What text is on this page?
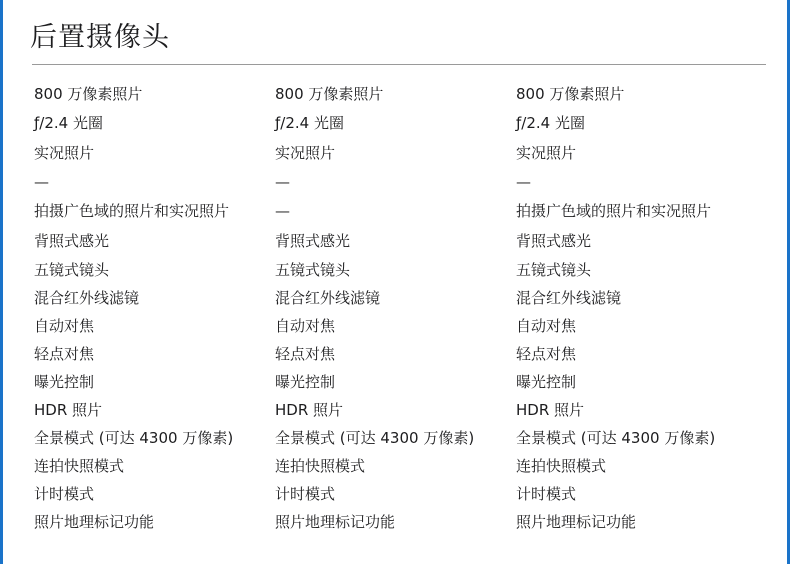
后置摄像头
800 万像素照片
ƒ/2.4 光圈
实况照片
—
拍摄广色域的照片和实况照片
背照式感光
五镜式镜头
混合红外线滤镜
自动对焦
轻点对焦
曝光控制
HDR 照片
全景模式 (可达 4300 万像素)
连拍快照模式
计时模式
照片地理标记功能
800 万像素照片
ƒ/2.4 光圈
实况照片
—
—
背照式感光
五镜式镜头
混合红外线滤镜
自动对焦
轻点对焦
曝光控制
HDR 照片
全景模式 (可达 4300 万像素)
连拍快照模式
计时模式
照片地理标记功能
800 万像素照片
ƒ/2.4 光圈
实况照片
—
拍摄广色域的照片和实况照片
背照式感光
五镜式镜头
混合红外线滤镜
自动对焦
轻点对焦
曝光控制
HDR 照片
全景模式 (可达 4300 万像素)
连拍快照模式
计时模式
照片地理标记功能
